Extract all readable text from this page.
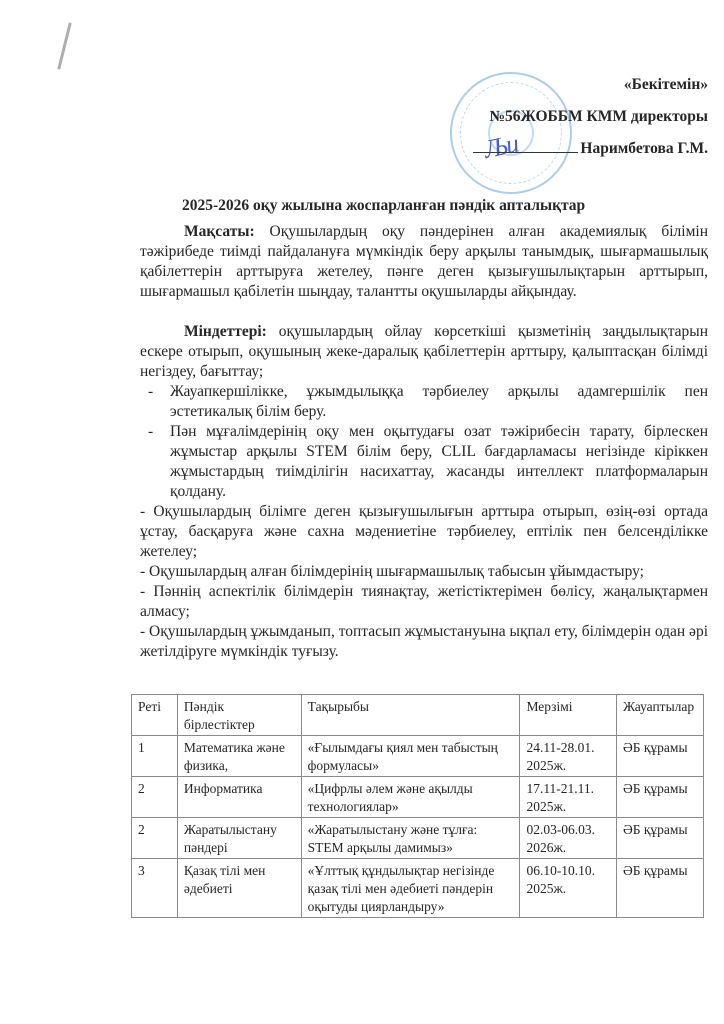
Љи
«Бекітемін»
№56ЖОББМ КММ директоры
Наримбетова Г.М.
2025-2026 оқу жылына жоспарланған пәндік апталықтар
Мақсаты: Оқушылардың оқу пәндерінен алған академиялық білімін тәжірибеде тиімді пайдалануға мүмкіндік беру арқылы танымдық, шығармашылық қабілеттерін арттыруға жетелеу, пәнге деген қызығушылықтарын арттырып, шығармашыл қабілетін шыңдау, талантты оқушыларды айқындау.

Міндеттері: оқушылардың ойлау көрсеткіші қызметінің заңдылықтарын ескере отырып, оқушының жеке-даралық қабілеттерін арттыру, қалыптасқан білімді негіздеу, бағыттау;

- Жауапкершілікке, ұжымдылыққа тәрбиелеу арқылы адамгершілік пен эстетикалық білім беру.
- Пән мұғалімдерінің оқу мен оқытудағы озат тәжірибесін тарату, бірлескен жұмыстар арқылы STEM білім беру, CLIL бағдарламасы негізінде кіріккен жұмыстардың тиімділігін насихаттау, жасанды интеллект платформаларын қолдану.

- Оқушылардың білімге деген қызығушылығын арттыра отырып, өзің-өзі ортада ұстау, басқаруға және сахна мәдениетіне тәрбиелеу, ептілік пен белсенділікке жетелеу;

- Оқушылардың алған білімдерінің шығармашылық табысын ұйымдастыру;

- Пәннің аспектілік білімдерін тиянақтау, жетістіктерімен бөлісу, жаңалықтармен алмасу;

- Оқушылардың ұжымданып, топтасып жұмыстануына ықпал ету, білімдерін одан әрі жетілдіруге мүмкіндік туғызу.

Реті	Пәндік бірлестіктер	Тақырыбы	Мерзімі	Жауаптылар
1	Математика және физика,	«Ғылымдағы қиял мен табыстың формуласы»	24.11-28.01. 2025ж.	ӘБ құрамы
2	Информатика	«Цифрлы әлем және ақылды технологиялар»	17.11-21.11. 2025ж.	ӘБ құрамы
2	Жаратылыстану пәндері	«Жаратылыстану және тұлға: STEM арқылы дамимыз»	02.03-06.03. 2026ж.	ӘБ құрамы
3	Қазақ тілі мен әдебиеті	«Ұлттық құндылықтар негізінде қазақ тілі мен әдебиеті пәндерін оқытуды циярландыру»	06.10-10.10. 2025ж.	ӘБ құрамы
